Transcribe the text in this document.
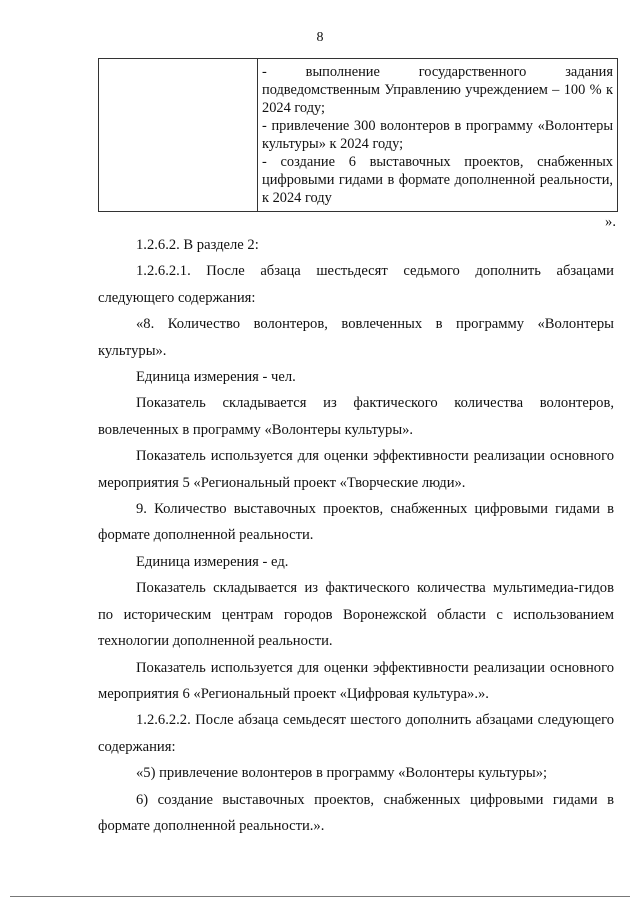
8

- выполнение государственного задания подведомственным Управлению учреждением – 100 % к 2024 году;

- привлечение 300 волонтеров в программу «Волонтеры культуры» к 2024 году;

- создание 6 выставочных проектов, снабженных цифровыми гидами в формате дополненной реальности, к 2024 году

».

1.2.6.2. В разделе 2:

1.2.6.2.1. После абзаца шестьдесят седьмого дополнить абзацами следующего содержания:

«8. Количество волонтеров, вовлеченных в программу «Волонтеры культуры».

Единица измерения - чел.

Показатель складывается из фактического количества волонтеров, вовлеченных в программу «Волонтеры культуры».

Показатель используется для оценки эффективности реализации основного мероприятия 5 «Региональный проект «Творческие люди».

9. Количество выставочных проектов, снабженных цифровыми гидами в формате дополненной реальности.

Единица измерения - ед.

Показатель складывается из фактического количества мультимедиа-гидов по историческим центрам городов Воронежской области с использованием технологии дополненной реальности.

Показатель используется для оценки эффективности реализации основного мероприятия 6 «Региональный проект «Цифровая культура».».

1.2.6.2.2. После абзаца семьдесят шестого дополнить абзацами следующего содержания:

«5) привлечение волонтеров в программу «Волонтеры культуры»;

6) создание выставочных проектов, снабженных цифровыми гидами в формате дополненной реальности.».
